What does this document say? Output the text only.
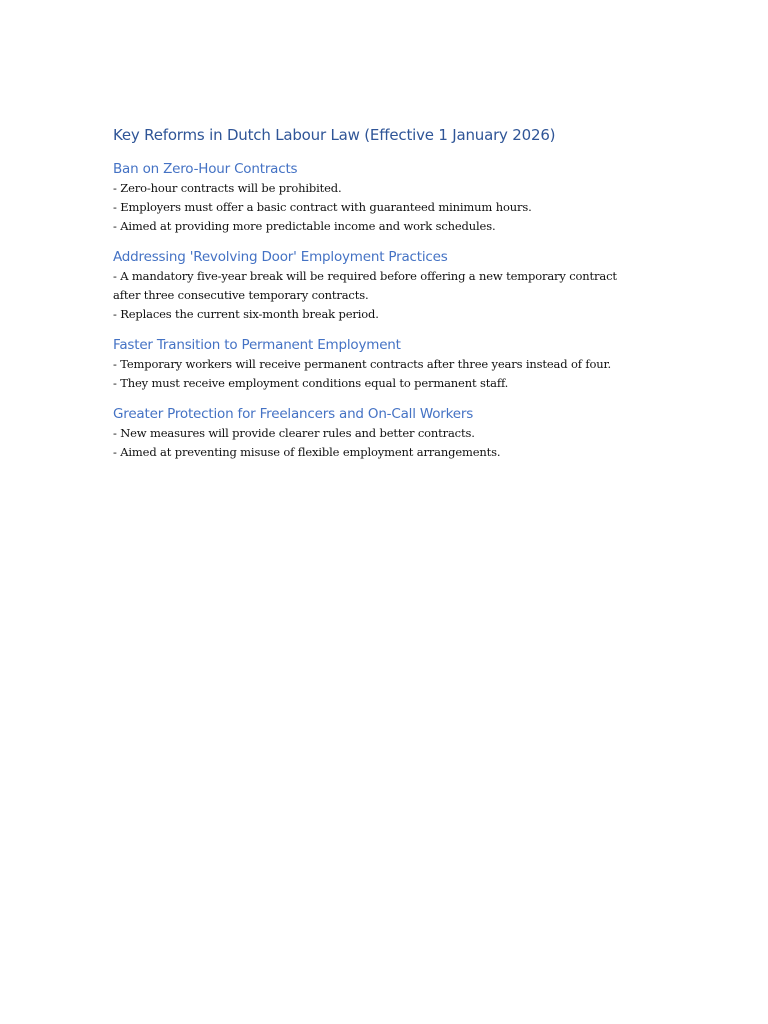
Key Reforms in Dutch Labour Law (Effective 1 January 2026)
Ban on Zero-Hour Contracts

- Zero-hour contracts will be prohibited.

- Employers must offer a basic contract with guaranteed minimum hours.

- Aimed at providing more predictable income and work schedules.

Addressing 'Revolving Door' Employment Practices

- A mandatory five-year break will be required before offering a new temporary contract

after three consecutive temporary contracts.

- Replaces the current six-month break period.

Faster Transition to Permanent Employment

- Temporary workers will receive permanent contracts after three years instead of four.

- They must receive employment conditions equal to permanent staff.

Greater Protection for Freelancers and On-Call Workers

- New measures will provide clearer rules and better contracts.

- Aimed at preventing misuse of flexible employment arrangements.
